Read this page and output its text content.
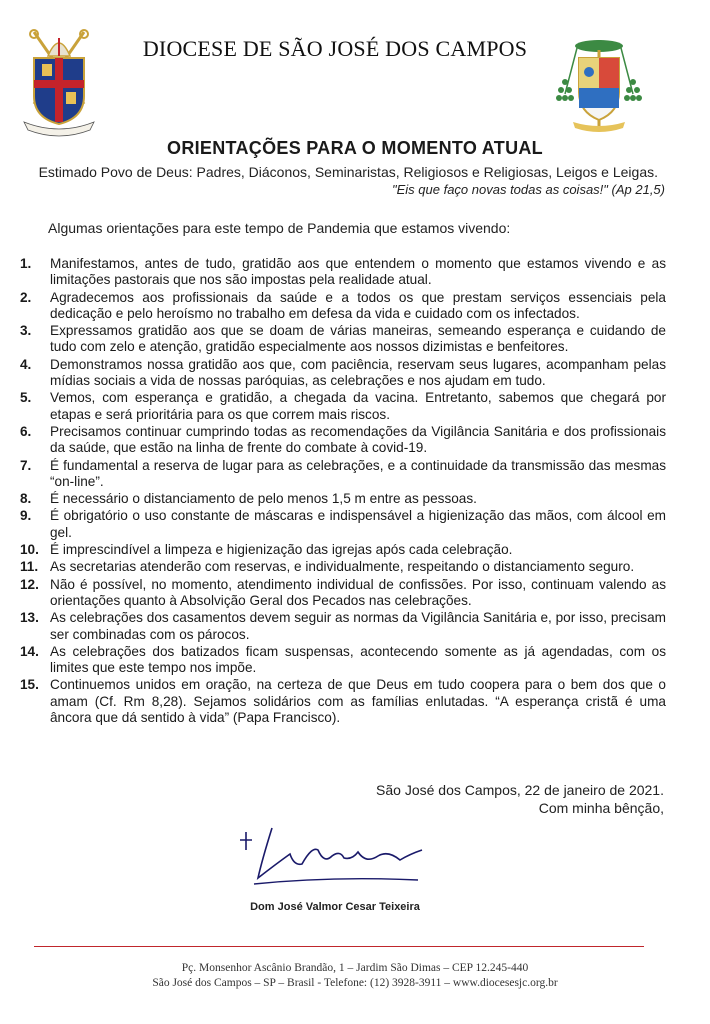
DIOCESE DE SÃO JOSÉ DOS CAMPOS
ORIENTAÇÕES PARA O MOMENTO ATUAL
Estimado Povo de Deus: Padres, Diáconos, Seminaristas, Religiosos e Religiosas, Leigos e Leigas.
"Eis que faço novas todas as coisas!" (Ap 21,5)
Algumas orientações para este tempo de Pandemia que estamos vivendo:
1.	Manifestamos, antes de tudo, gratidão aos que entendem o momento que estamos vivendo e as limitações pastorais que nos são impostas pela realidade atual.
2.	Agradecemos aos profissionais da saúde e a todos os que prestam serviços essenciais pela dedicação e pelo heroísmo no trabalho em defesa da vida e cuidado com os infectados.
3.	Expressamos gratidão aos que se doam de várias maneiras, semeando esperança e cuidando de tudo com zelo e atenção, gratidão especialmente aos nossos dizimistas e benfeitores.
4.	Demonstramos nossa gratidão aos que, com paciência, reservam seus lugares, acompanham pelas mídias sociais a vida de nossas paróquias, as celebrações e nos ajudam em tudo.
5.	Vemos, com esperança e gratidão, a chegada da vacina. Entretanto, sabemos que chegará por etapas e será prioritária para os que correm mais riscos.
6.	Precisamos continuar cumprindo todas as recomendações da Vigilância Sanitária e dos profissionais da saúde, que estão na linha de frente do combate à covid-19.
7.	É fundamental a reserva de lugar para as celebrações, e a continuidade da transmissão das mesmas “on-line”.
8.	É necessário o distanciamento de pelo menos 1,5 m entre as pessoas.
9.	É obrigatório o uso constante de máscaras e indispensável a higienização das mãos, com álcool em gel.
10. É imprescindível a limpeza e higienização das igrejas após cada celebração.
11. As secretarias atenderão com reservas, e individualmente, respeitando o distanciamento seguro.
12. Não é possível, no momento, atendimento individual de confissões. Por isso, continuam valendo as orientações quanto à Absolvição Geral dos Pecados nas celebrações.
13. As celebrações dos casamentos devem seguir as normas da Vigilância Sanitária e, por isso, precisam ser combinadas com os párocos.
14. As celebrações dos batizados ficam suspensas, acontecendo somente as já agendadas, com os limites que este tempo nos impõe.
15. Continuemos unidos em oração, na certeza de que Deus em tudo coopera para o bem dos que o amam (Cf. Rm 8,28). Sejamos solidários com as famílias enlutadas. “A esperança cristã é uma âncora que dá sentido à vida” (Papa Francisco).
São José dos Campos, 22 de janeiro de 2021.
Com minha bênção,
Dom José Valmor Cesar Teixeira
Pç. Monsenhor Ascânio Brandão, 1 – Jardim São Dimas – CEP 12.245-440
São José dos Campos – SP – Brasil - Telefone: (12) 3928-3911 – www.diocesesjc.org.br
